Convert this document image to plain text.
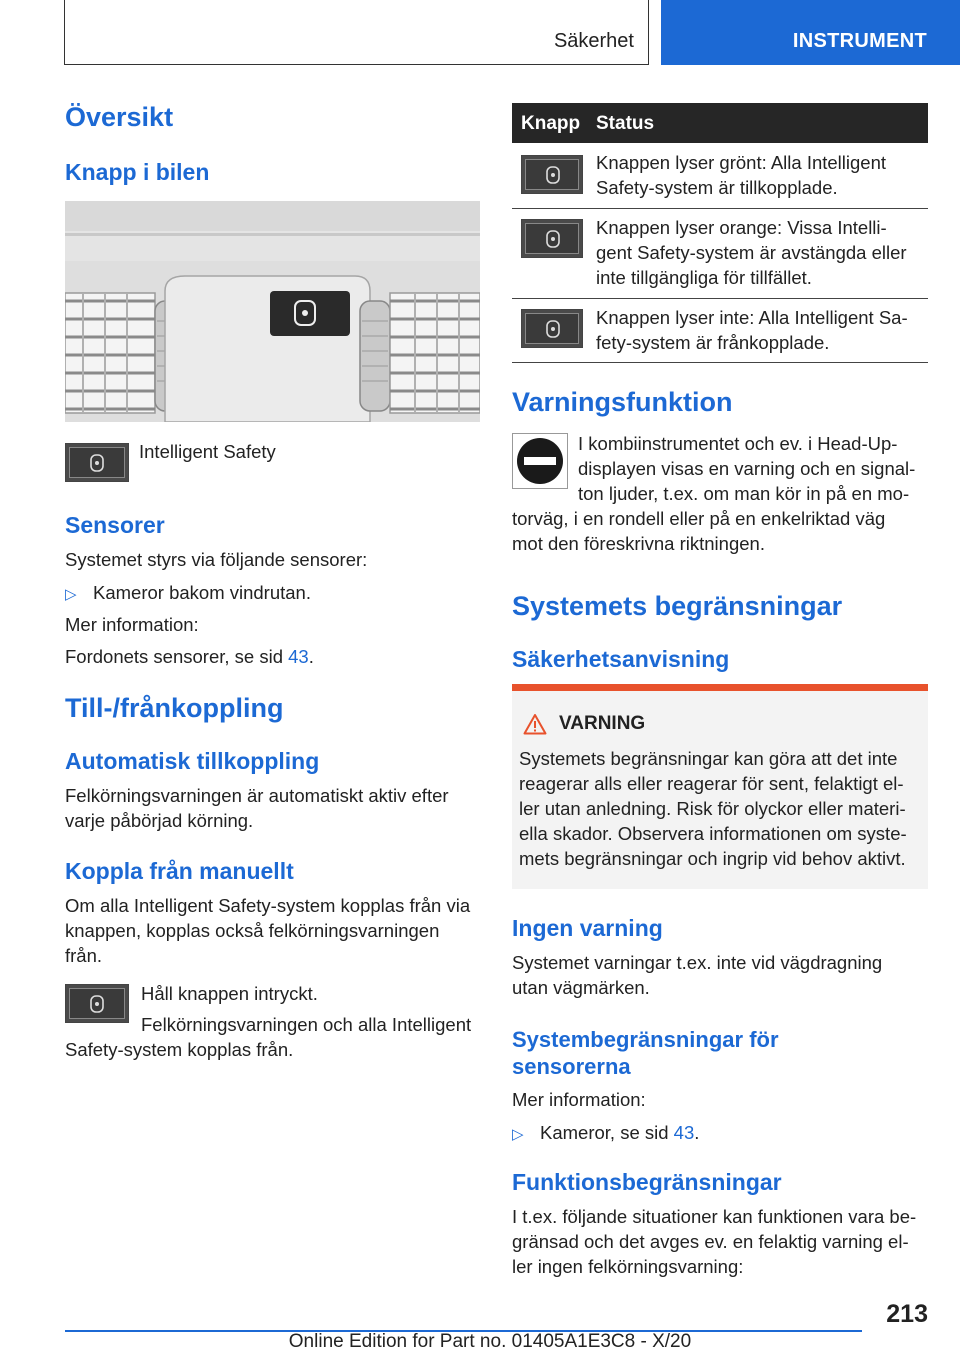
Säkerhet	INSTRUMENT
Översikt
Knapp i bilen
Intelligent Safety
Sensorer
Systemet styrs via följande sensorer:
▷ Kameror bakom vindrutan.
Mer information:
Fordonets sensorer, se sid 43.
Till-/frånkoppling
Automatisk tillkoppling
Felkörningsvarningen är automatiskt aktiv efter
varje påbörjad körning.
Koppla från manuellt
Om alla Intelligent Safety-system kopplas från via
knappen, kopplas också felkörningsvarningen
från.
Håll knappen intryckt.
Felkörningsvarningen och alla Intelligent
Safety-system kopplas från.
Knapp Status
Knappen lyser grönt: Alla Intelligent
Safety-system är tillkopplade.
Knappen lyser orange: Vissa Intelli-
gent Safety-system är avstängda eller
inte tillgängliga för tillfället.
Knappen lyser inte: Alla Intelligent Sa-
fety-system är frånkopplade.
Varningsfunktion
I kombiinstrumentet och ev. i Head-Up-
displayen visas en varning och en signal-
ton ljuder, t.ex. om man kör in på en mo-
torväg, i en rondell eller på en enkelriktad väg
mot den föreskrivna riktningen.
Systemets begränsningar
Säkerhetsanvisning
VARNING
Systemets begränsningar kan göra att det inte
reagerar alls eller reagerar för sent, felaktigt el-
ler utan anledning. Risk för olyckor eller materi-
ella skador. Observera informationen om syste-
mets begränsningar och ingrip vid behov aktivt.
Ingen varning
Systemet varningar t.ex. inte vid vägdragning
utan vägmärken.
Systembegränsningar för
sensorerna
Mer information:
▷ Kameror, se sid 43.
Funktionsbegränsningar
I t.ex. följande situationer kan funktionen vara be-
gränsad och det avges ev. en felaktig varning el-
ler ingen felkörningsvarning:
213
Online Edition for Part no. 01405A1E3C8 - X/20
